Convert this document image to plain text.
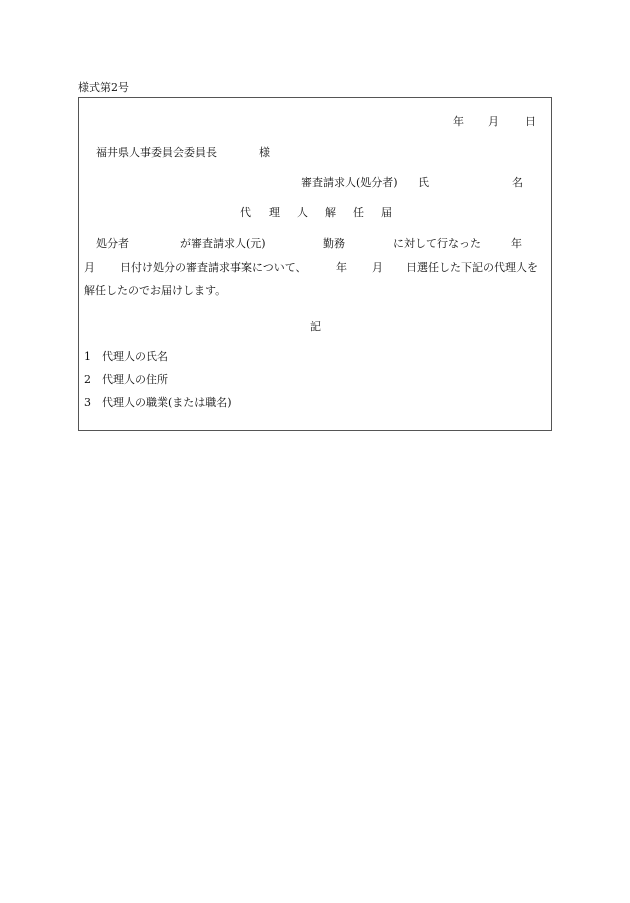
様式第2号
年 月 日
福井県人事委員会委員長	様
審査請求人(処分者) 氏	名
代 理 人 解 任 届
処分者	が審査請求人(元)	勤務	に対して行なった	年
月 日付け処分の審査請求事案について、	年 月 日選任した下記の代理人を
解任したのでお届けします。
記
1 代理人の氏名
2 代理人の住所
3 代理人の職業(または職名)
